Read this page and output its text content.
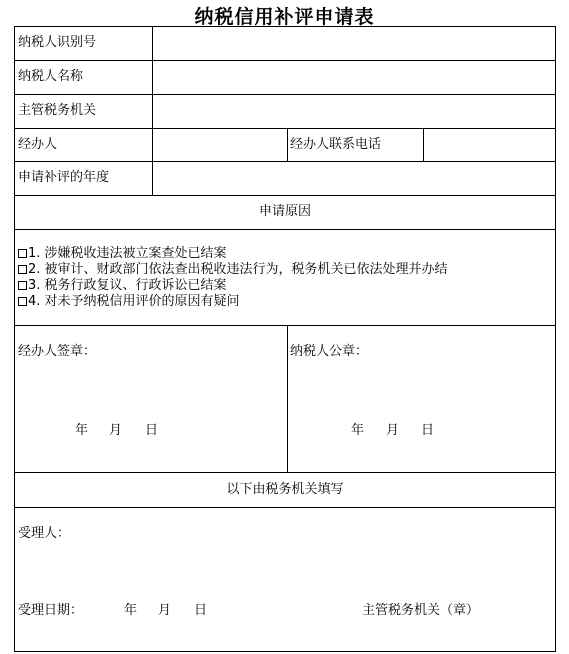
纳税信用补评申请表
纳税人识别号
纳税人名称
主管税务机关
经办人	经办人联系电话
申请补评的年度
申请原因
1. 涉嫌税收违法被立案查处已结案
2. 被审计、财政部门依法查出税收违法行为，税务机关已依法处理并办结
3. 税务行政复议、行政诉讼已结案
4. 对未予纳税信用评价的原因有疑问
经办人签章：	纳税人公章：
年 月 日	年 月 日
以下由税务机关填写
受理人：
受理日期：	年 月 日	主管税务机关（章）
